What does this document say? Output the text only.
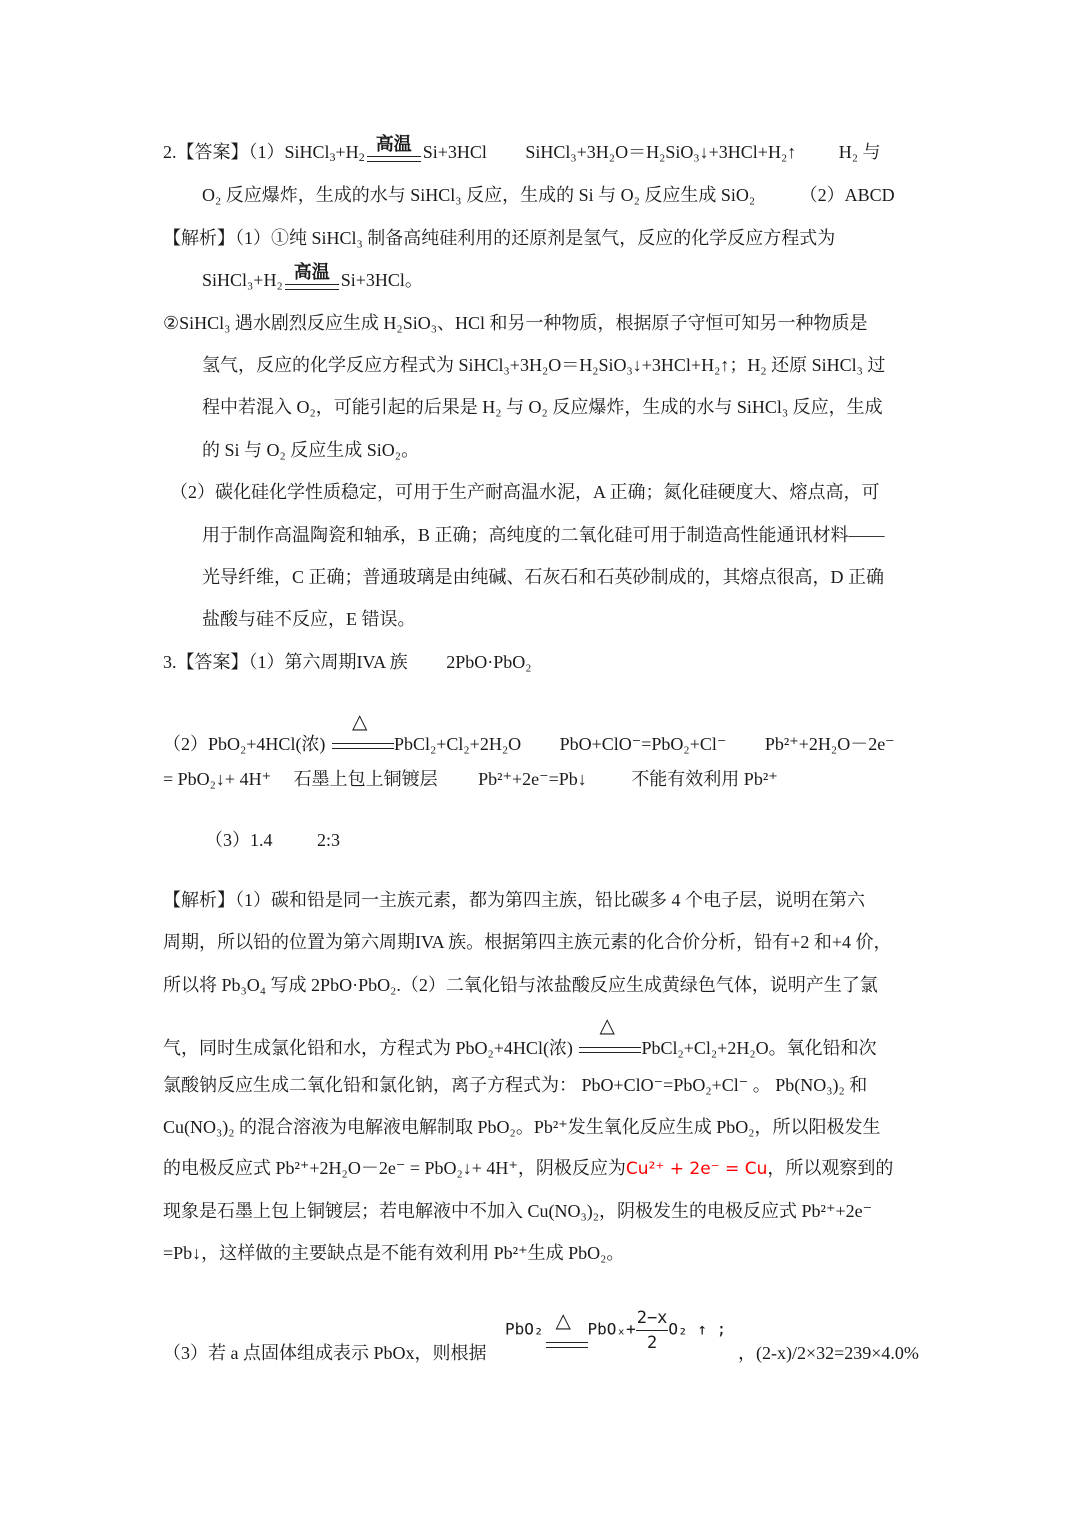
2.【答案】$(1)SiHCl_3+H_2$
高温 Si+3HCl SiHCl₃+3H₂O＝H₂SiO₃↓+3HCl+H₂↑ H₂ 与
O₂ 反应爆炸，生成的水与 SiHCl₃ 反应，生成的 Si 与 O₂ 反应生成 SiO₂ （2）ABCD
【解析】（1）①纯 SiHCl₃ 制备高纯硅利用的还原剂是氢气，反应的化学反应方程式为
SiHCl₃+H₂ 高温 Si+3HCl。
②SiHCl₃ 遇水剧烈反应生成 H₂SiO₃、HCl 和另一种物质，根据原子守恒可知另一种物质是
氢气，反应的化学反应方程式为 SiHCl₃+3H₂O＝H₂SiO₃↓+3HCl+H₂↑；H₂ 还原 SiHCl₃ 过
程中若混入 O₂，可能引起的后果是 H₂ 与 O₂ 反应爆炸，生成的水与 SiHCl₃ 反应，生成
的 Si 与 O₂ 反应生成 SiO₂。
（2）碳化硅化学性质稳定，可用于生产耐高温水泥，A 正确；氮化硅硬度大、熔点高，可
用于制作高温陶瓷和轴承，B 正确；高纯度的二氧化硅可用于制造高性能通讯材料——
光导纤维，C 正确；普通玻璃是由纯碱、石灰石和石英砂制成的，其熔点很高，D 正确
盐酸与硅不反应，E 错误。
3.【答案】（1）第六周期IVA 族 2PbO·PbO₂
（2）PbO₂+4HCl(浓)
△
PbCl₂+Cl₂+2H₂O PbO+ClO⁻=PbO₂+Cl⁻ Pb²⁺+2H₂O－2e⁻
= PbO₂↓+ 4H⁺ 石墨上包上铜镀层 Pb²⁺+2e⁻=Pb↓ 不能有效利用 Pb²⁺
（3）1.4 2:3
【解析】（1）碳和铅是同一主族元素，都为第四主族，铅比碳多 4 个电子层，说明在第六
周期，所以铅的位置为第六周期IVA 族。根据第四主族元素的化合价分析，铅有+2 和+4 价，
所以将 Pb₃O₄ 写成 2PbO·PbO₂.（2）二氧化铅与浓盐酸反应生成黄绿色气体，说明产生了氯
气，同时生成氯化铅和水，方程式为 PbO₂+4HCl(浓)
△
PbCl₂+Cl₂+2H₂O。氧化铅和次
氯酸钠反应生成二氧化铅和氯化钠，离子方程式为： PbO+ClO⁻=PbO₂+Cl⁻ 。 Pb(NO₃)₂ 和
Cu(NO₃)₂ 的混合溶液为电解液电解制取 PbO₂。Pb²⁺发生氧化反应生成 PbO₂，所以阳极发生
的电极反应式 Pb²⁺+2H₂O－2e⁻ = PbO₂↓+ 4H⁺，阴极反应为Cu²⁺ + 2e⁻ = Cu，所以观察到的
现象是石墨上包上铜镀层；若电解液中不加入 Cu(NO₃)₂，阴极发生的电极反应式 Pb²⁺+2e⁻
=Pb↓，这样做的主要缺点是不能有效利用 Pb²⁺生成 PbO₂。
（3）若 a 点固体组成表示 PbOx，则根据
PbO₂ △ $PbO_x+ \frac{2-x}{2} O_2$ ↑ ;
，(2-x)/2×32=239×4.0%
